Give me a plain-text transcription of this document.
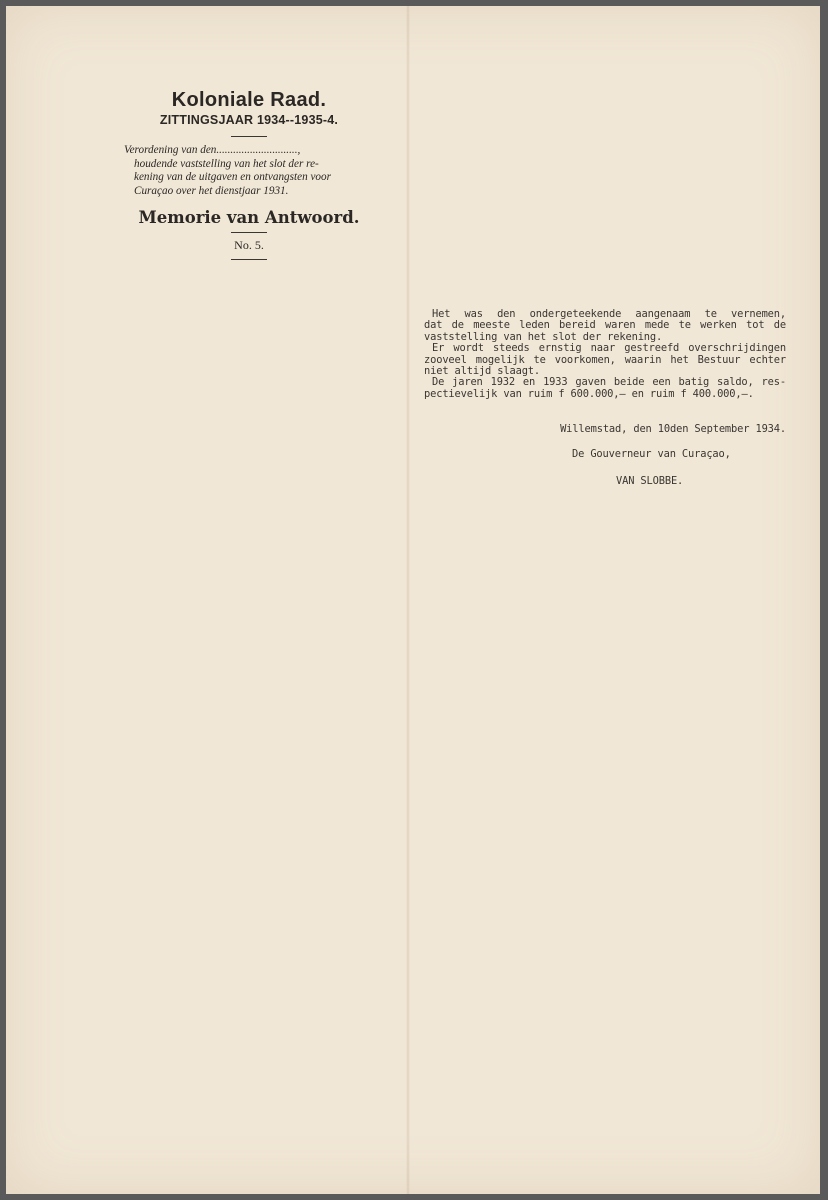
Koloniale Raad.
ZITTINGSJAAR 1934--1935-4.
Verordening van den.............................,
houdende vaststelling van het slot der re-
kening van de uitgaven en ontvangsten voor
Curaçao over het dienstjaar 1931.
Memorie van Antwoord.
No. 5.
Het was den ondergeteekende aangenaam te vernemen,
dat de meeste leden bereid waren mede te werken tot de
vaststelling van het slot der rekening.
Er wordt steeds ernstig naar gestreefd overschrijdingen
zooveel mogelijk te voorkomen, waarin het Bestuur echter
niet altijd slaagt.
De jaren 1932 en 1933 gaven beide een batig saldo, res-
pectievelijk van ruim f 600.000,— en ruim f 400.000,—.
Willemstad, den 10den September 1934.
De Gouverneur van Curaçao,
VAN SLOBBE.
